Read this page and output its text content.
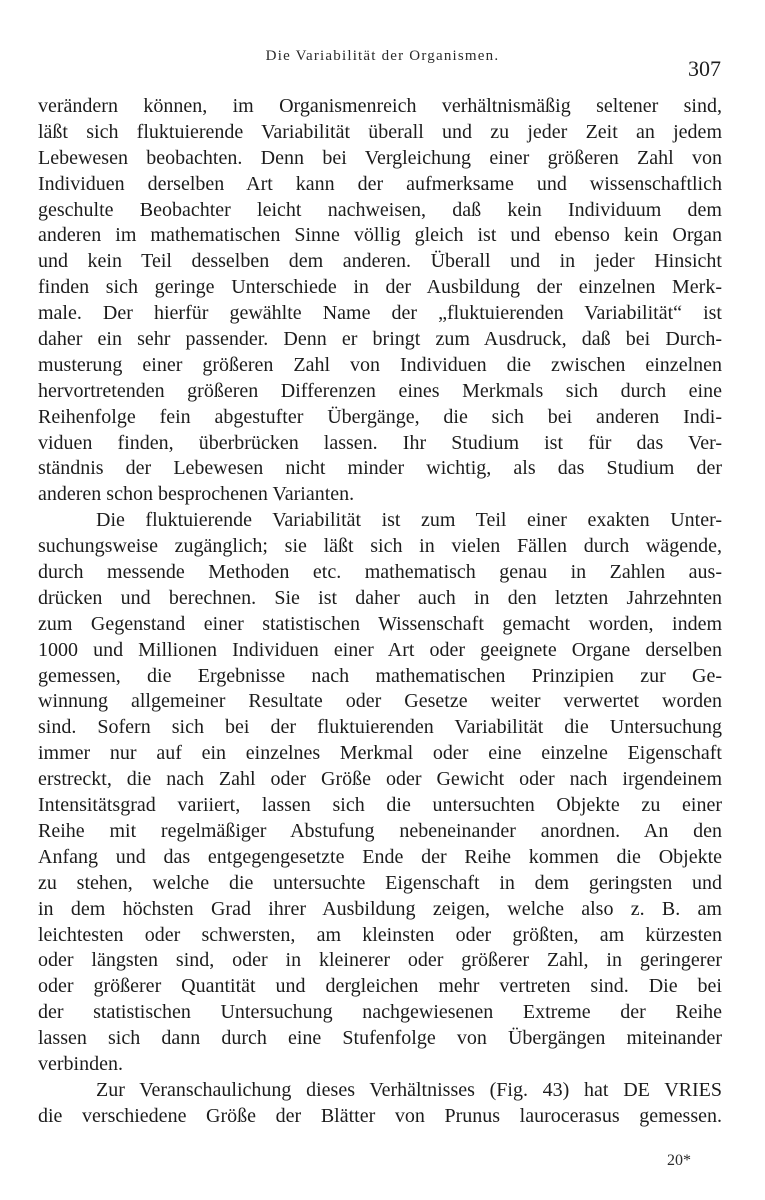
Die Variabilität der Organismen.	307
verändern können, im Organismenreich verhältnismäßig seltener sind,
läßt sich fluktuierende Variabilität überall und zu jeder Zeit an jedem
Lebewesen beobachten. Denn bei Vergleichung einer größeren Zahl von
Individuen derselben Art kann der aufmerksame und wissenschaftlich
geschulte Beobachter leicht nachweisen, daß kein Individuum dem
anderen im mathematischen Sinne völlig gleich ist und ebenso kein Organ
und kein Teil desselben dem anderen. Überall und in jeder Hinsicht
finden sich geringe Unterschiede in der Ausbildung der einzelnen Merk-
male. Der hierfür gewählte Name der „fluktuierenden Variabilität“ ist
daher ein sehr passender. Denn er bringt zum Ausdruck, daß bei Durch-
musterung einer größeren Zahl von Individuen die zwischen einzelnen
hervortretenden größeren Differenzen eines Merkmals sich durch eine
Reihenfolge fein abgestufter Übergänge, die sich bei anderen Indi-
viduen finden, überbrücken lassen. Ihr Studium ist für das Ver-
ständnis der Lebewesen nicht minder wichtig, als das Studium der
anderen schon besprochenen Varianten.
Die fluktuierende Variabilität ist zum Teil einer exakten Unter-
suchungsweise zugänglich; sie läßt sich in vielen Fällen durch wägende,
durch messende Methoden etc. mathematisch genau in Zahlen aus-
drücken und berechnen. Sie ist daher auch in den letzten Jahrzehnten
zum Gegenstand einer statistischen Wissenschaft gemacht worden, indem
1000 und Millionen Individuen einer Art oder geeignete Organe derselben
gemessen, die Ergebnisse nach mathematischen Prinzipien zur Ge-
winnung allgemeiner Resultate oder Gesetze weiter verwertet worden
sind. Sofern sich bei der fluktuierenden Variabilität die Untersuchung
immer nur auf ein einzelnes Merkmal oder eine einzelne Eigenschaft
erstreckt, die nach Zahl oder Größe oder Gewicht oder nach irgendeinem
Intensitätsgrad variiert, lassen sich die untersuchten Objekte zu einer
Reihe mit regelmäßiger Abstufung nebeneinander anordnen. An den
Anfang und das entgegengesetzte Ende der Reihe kommen die Objekte
zu stehen, welche die untersuchte Eigenschaft in dem geringsten und
in dem höchsten Grad ihrer Ausbildung zeigen, welche also z. B. am
leichtesten oder schwersten, am kleinsten oder größten, am kürzesten
oder längsten sind, oder in kleinerer oder größerer Zahl, in geringerer
oder größerer Quantität und dergleichen mehr vertreten sind. Die bei
der statistischen Untersuchung nachgewiesenen Extreme der Reihe
lassen sich dann durch eine Stufenfolge von Übergängen miteinander
verbinden.
Zur Veranschaulichung dieses Verhältnisses (Fig. 43) hat DE VRIES
die verschiedene Größe der Blätter von Prunus laurocerasus gemessen.
20*
